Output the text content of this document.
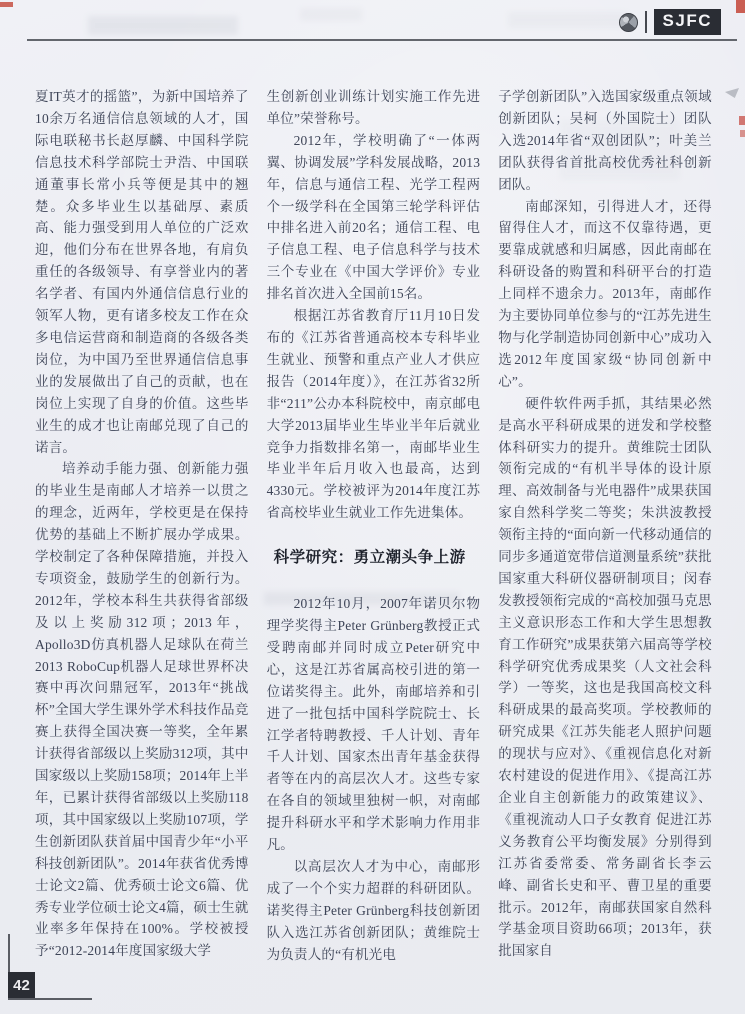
SJFC

夏IT英才的摇篮”，为新中国培养了10余万名通信信息领域的人才，国际电联秘书长赵厚麟、中国科学院信息技术科学部院士尹浩、中国联通董事长常小兵等便是其中的翘楚。众多毕业生以基础厚、素质高、能力强受到用人单位的广泛欢迎，他们分布在世界各地，有肩负重任的各级领导、有享誉业内的著名学者、有国内外通信信息行业的领军人物，更有诸多校友工作在众多电信运营商和制造商的各级各类岗位，为中国乃至世界通信信息事业的发展做出了自己的贡献，也在岗位上实现了自身的价值。这些毕业生的成才也让南邮兑现了自己的诺言。

培养动手能力强、创新能力强的毕业生是南邮人才培养一以贯之的理念，近两年，学校更是在保持优势的基础上不断扩展办学成果。学校制定了各种保障措施，并投入专项资金，鼓励学生的创新行为。2012年，学校本科生共获得省部级及以上奖励312项；2013年，Apollo3D仿真机器人足球队在荷兰2013 RoboCup机器人足球世界杯决赛中再次问鼎冠军，2013年“挑战杯”全国大学生课外学术科技作品竞赛上获得全国决赛一等奖，全年累计获得省部级以上奖励312项，其中国家级以上奖励158项；2014年上半年，已累计获得省部级以上奖励118项，其中国家级以上奖励107项，学生创新团队获首届中国青少年“小平科技创新团队”。2014年获省优秀博士论文2篇、优秀硕士论文6篇、优秀专业学位硕士论文4篇，硕士生就业率多年保持在100%。学校被授予“2012-2014年度国家级大学

生创新创业训练计划实施工作先进单位”荣誉称号。

2012年，学校明确了“一体两翼、协调发展”学科发展战略，2013年，信息与通信工程、光学工程两个一级学科在全国第三轮学科评估中排名进入前20名；通信工程、电子信息工程、电子信息科学与技术三个专业在《中国大学评价》专业排名首次进入全国前15名。

根据江苏省教育厅11月10日发布的《江苏省普通高校本专科毕业生就业、预警和重点产业人才供应报告（2014年度）》，在江苏省32所非“211”公办本科院校中，南京邮电大学2013届毕业生毕业半年后就业竞争力指数排名第一，南邮毕业生毕业半年后月收入也最高，达到4330元。学校被评为2014年度江苏省高校毕业生就业工作先进集体。

科学研究：勇立潮头争上游

2012年10月，2007年诺贝尔物理学奖得主Peter Grünberg教授正式受聘南邮并同时成立Peter研究中心，这是江苏省属高校引进的第一位诺奖得主。此外，南邮培养和引进了一批包括中国科学院院士、长江学者特聘教授、千人计划、青年千人计划、国家杰出青年基金获得者等在内的高层次人才。这些专家在各自的领域里独树一帜，对南邮提升科研水平和学术影响力作用非凡。

以高层次人才为中心，南邮形成了一个个实力超群的科研团队。诺奖得主Peter Grünberg科技创新团队入选江苏省创新团队；黄维院士为负责人的“有机光电

子学创新团队”入选国家级重点领域创新团队；吴柯（外国院士）团队入选2014年省“双创团队”；叶美兰团队获得省首批高校优秀社科创新团队。

南邮深知，引得进人才，还得留得住人才，而这不仅靠待遇，更要靠成就感和归属感，因此南邮在科研设备的购置和科研平台的打造上同样不遗余力。2013年，南邮作为主要协同单位参与的“江苏先进生物与化学制造协同创新中心”成功入选2012年度国家级“协同创新中心”。

硬件软件两手抓，其结果必然是高水平科研成果的迸发和学校整体科研实力的提升。黄维院士团队领衔完成的“有机半导体的设计原理、高效制备与光电器件”成果获国家自然科学奖二等奖；朱洪波教授领衔主持的“面向新一代移动通信的同步多通道宽带信道测量系统”获批国家重大科研仪器研制项目；闵春发教授领衔完成的“高校加强马克思主义意识形态工作和大学生思想教育工作研究”成果获第六届高等学校科学研究优秀成果奖（人文社会科学）一等奖，这也是我国高校文科科研成果的最高奖项。学校教师的研究成果《江苏失能老人照护问题的现状与应对》、《重视信息化对新农村建设的促进作用》、《提高江苏企业自主创新能力的政策建议》、《重视流动人口子女教育 促进江苏义务教育公平均衡发展》分别得到江苏省委常委、常务副省长李云峰、副省长史和平、曹卫星的重要批示。2012年，南邮获国家自然科学基金项目资助66项；2013年，获批国家自

42
